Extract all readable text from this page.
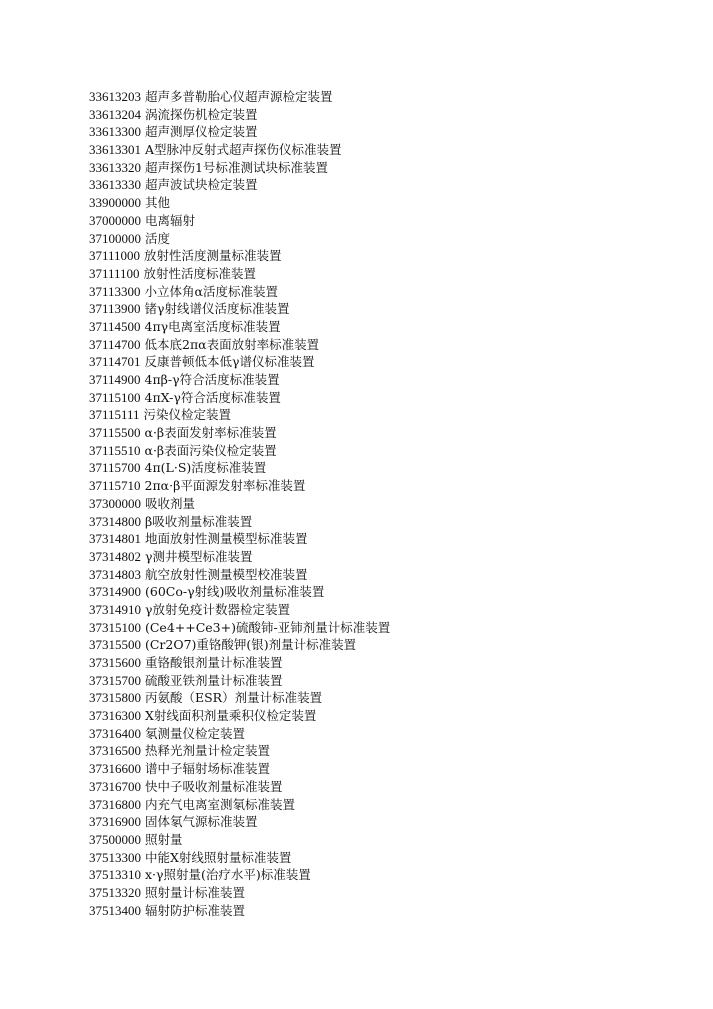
33613203 超声多普勒胎心仪超声源检定装置
33613204 涡流探伤机检定装置
33613300 超声测厚仪检定装置
33613301 A型脉冲反射式超声探伤仪标准装置
33613320 超声探伤1号标准测试块标准装置
33613330 超声波试块检定装置
33900000 其他
37000000 电离辐射
37100000 活度
37111000 放射性活度测量标准装置
37111100 放射性活度标准装置
37113300 小立体角α活度标准装置
37113900 锗γ射线谱仪活度标准装置
37114500 4πγ电离室活度标准装置
37114700 低本底2πα表面放射率标准装置
37114701 反康普顿低本低γ谱仪标准装置
37114900 4πβ-γ符合活度标准装置
37115100 4πX-γ符合活度标准装置
37115111 污染仪检定装置
37115500 α·β表面发射率标准装置
37115510 α·β表面污染仪检定装置
37115700 4π(L·S)活度标准装置
37115710 2πα·β平面源发射率标准装置
37300000 吸收剂量
37314800 β吸收剂量标准装置
37314801 地面放射性测量模型标准装置
37314802 γ测井模型标准装置
37314803 航空放射性测量模型校准装置
37314900 (60Co-γ射线)吸收剂量标准装置
37314910 γ放射免疫计数器检定装置
37315100 (Ce4++Ce3+)硫酸铈-亚铈剂量计标准装置
37315500 (Cr2O7)重铬酸钾(银)剂量计标准装置
37315600 重铬酸银剂量计标准装置
37315700 硫酸亚铁剂量计标准装置
37315800 丙氨酸（ESR）剂量计标准装置
37316300 X射线面积剂量乘积仪检定装置
37316400 氡测量仪检定装置
37316500 热释光剂量计检定装置
37316600 谱中子辐射场标准装置
37316700 快中子吸收剂量标准装置
37316800 内充气电离室测氡标准装置
37316900 固体氡气源标准装置
37500000 照射量
37513300 中能X射线照射量标准装置
37513310 x·γ照射量(治疗水平)标准装置
37513320 照射量计标准装置
37513400 辐射防护标准装置
